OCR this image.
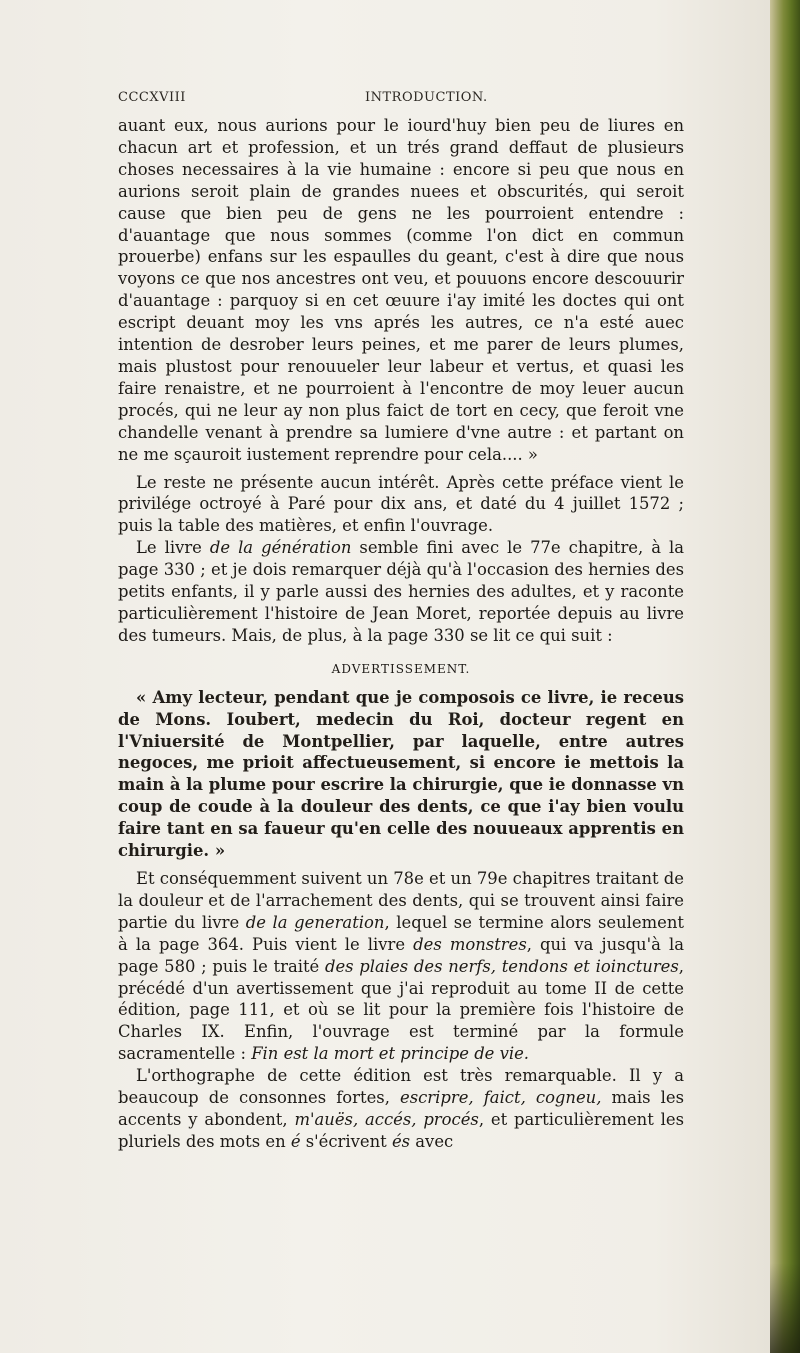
CCCXVIII	INTRODUCTION.

auant eux, nous aurions pour le iourd'huy bien peu de liures en chacun art et profession, et un trés grand deffaut de plusieurs choses necessaires à la vie humaine : encore si peu que nous en aurions seroit plain de grandes nuees et obscurités, qui seroit cause que bien peu de gens ne les pourroient entendre : d'auantage que nous sommes (comme l'on dict en commun prouerbe) enfans sur les espaulles du geant, c'est à dire que nous voyons ce que nos ancestres ont veu, et pouuons encore descouurir d'auantage : parquoy si en cet œuure i'ay imité les doctes qui ont escript deuant moy les vns aprés les autres, ce n'a esté auec intention de desrober leurs peines, et me parer de leurs plumes, mais plustost pour renouueler leur labeur et vertus, et quasi les faire renaistre, et ne pourroient à l'encontre de moy leuer aucun procés, qui ne leur ay non plus faict de tort en cecy, que feroit vne chandelle venant à prendre sa lumiere d'vne autre : et partant on ne me sçauroit iustement reprendre pour cela.... »

Le reste ne présente aucun intérêt. Après cette préface vient le privilége octroyé à Paré pour dix ans, et daté du 4 juillet 1572 ; puis la table des matières, et enfin l'ouvrage.

Le livre de la génération semble fini avec le 77e chapitre, à la page 330 ; et je dois remarquer déjà qu'à l'occasion des hernies des petits enfants, il y parle aussi des hernies des adultes, et y raconte particulièrement l'histoire de Jean Moret, reportée depuis au livre des tumeurs. Mais, de plus, à la page 330 se lit ce qui suit :

ADVERTISSEMENT.

« Amy lecteur, pendant que je composois ce livre, ie receus de Mons. Ioubert, medecin du Roi, docteur regent en l'Vniuersité de Montpellier, par laquelle, entre autres negoces, me prioit affectueusement, si encore ie mettois la main à la plume pour escrire la chirurgie, que ie donnasse vn coup de coude à la douleur des dents, ce que i'ay bien voulu faire tant en sa faueur qu'en celle des nouueaux apprentis en chirurgie. »

Et conséquemment suivent un 78e et un 79e chapitres traitant de la douleur et de l'arrachement des dents, qui se trouvent ainsi faire partie du livre de la generation, lequel se termine alors seulement à la page 364. Puis vient le livre des monstres, qui va jusqu'à la page 580 ; puis le traité des plaies des nerfs, tendons et ioinctures, précédé d'un avertissement que j'ai reproduit au tome II de cette édition, page 111, et où se lit pour la première fois l'histoire de Charles IX. Enfin, l'ouvrage est terminé par la formule sacramentelle : Fin est la mort et principe de vie.

L'orthographe de cette édition est très remarquable. Il y a beaucoup de consonnes fortes, escripre, faict, cogneu, mais les accents y abondent, m'auës, accés, procés, et particulièrement les pluriels des mots en é s'écrivent és avec
